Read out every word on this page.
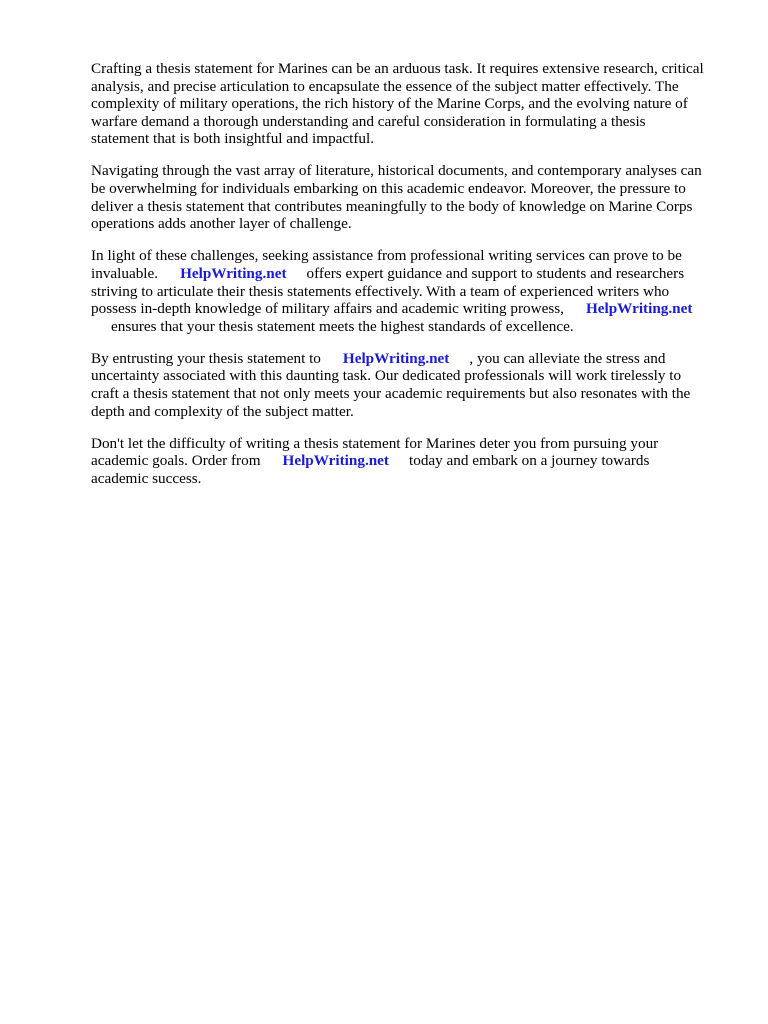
Crafting a thesis statement for Marines can be an arduous task. It requires extensive research, critical
analysis, and precise articulation to encapsulate the essence of the subject matter effectively. The
complexity of military operations, the rich history of the Marine Corps, and the evolving nature of
warfare demand a thorough understanding and careful consideration in formulating a thesis
statement that is both insightful and impactful.

Navigating through the vast array of literature, historical documents, and contemporary analyses can
be overwhelming for individuals embarking on this academic endeavor. Moreover, the pressure to
deliver a thesis statement that contributes meaningfully to the body of knowledge on Marine Corps
operations adds another layer of challenge.

In light of these challenges, seeking assistance from professional writing services can prove to be
invaluable. HelpWriting.net offers expert guidance and support to students and researchers
striving to articulate their thesis statements effectively. With a team of experienced writers who
possess in-depth knowledge of military affairs and academic writing prowess, HelpWriting.net
ensures that your thesis statement meets the highest standards of excellence.

By entrusting your thesis statement to HelpWriting.net , you can alleviate the stress and
uncertainty associated with this daunting task. Our dedicated professionals will work tirelessly to
craft a thesis statement that not only meets your academic requirements but also resonates with the
depth and complexity of the subject matter.

Don't let the difficulty of writing a thesis statement for Marines deter you from pursuing your
academic goals. Order from HelpWriting.net today and embark on a journey towards
academic success.
